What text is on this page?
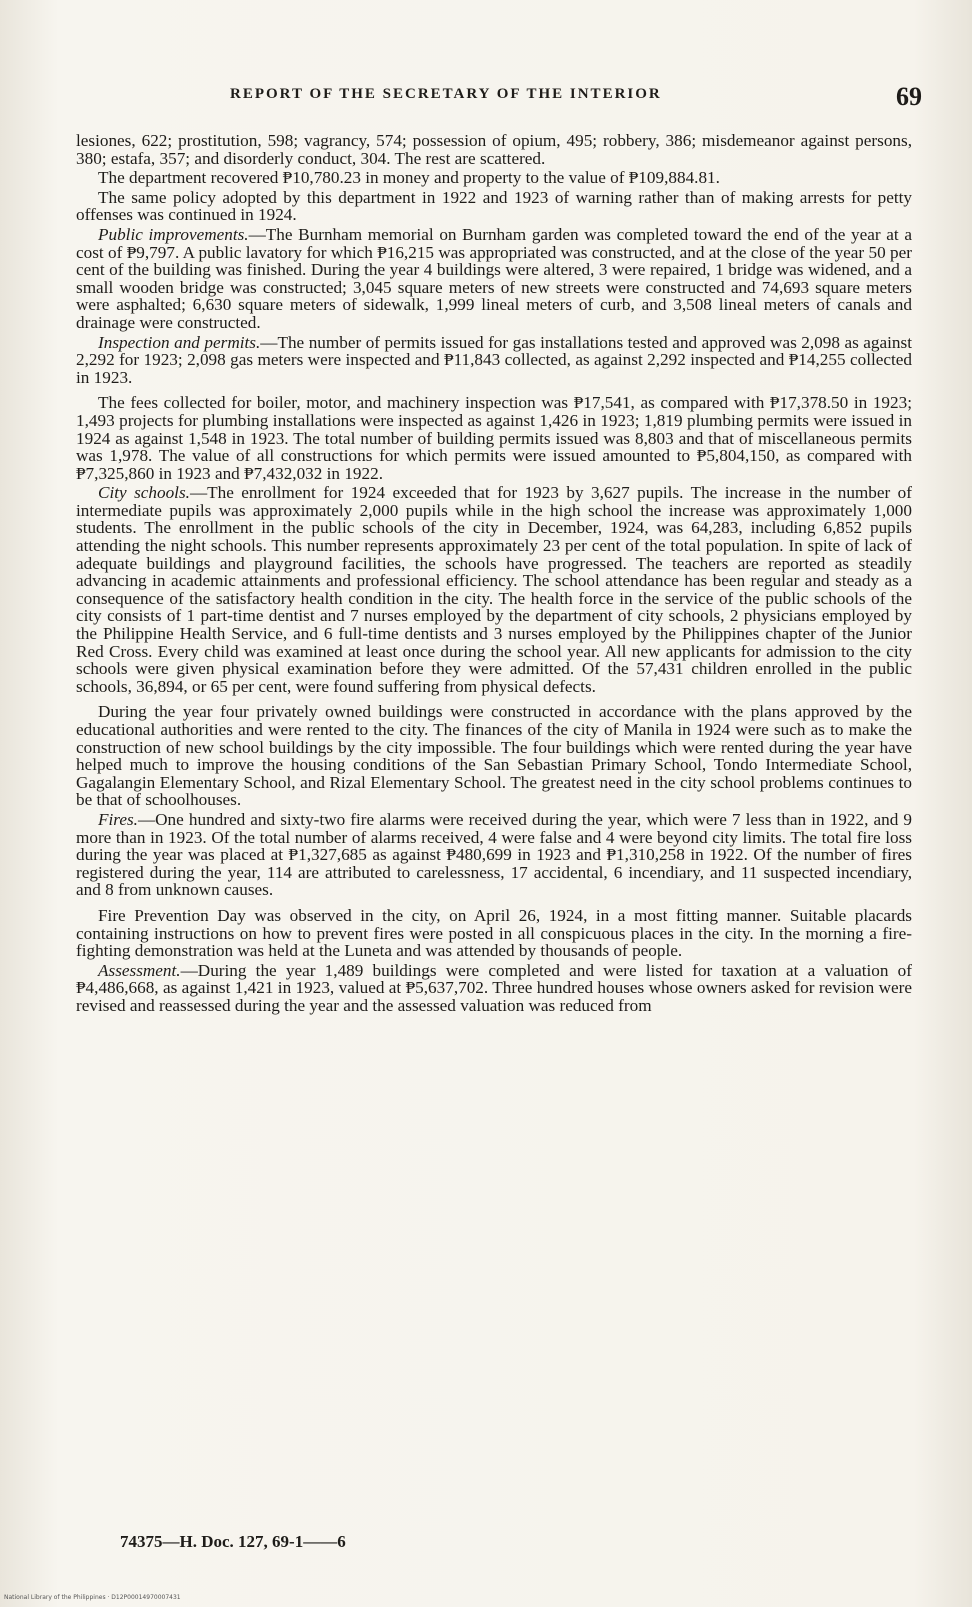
REPORT OF THE SECRETARY OF THE INTERIOR	69

lesiones, 622; prostitution, 598; vagrancy, 574; possession of opium, 495; robbery, 386; misdemeanor against persons, 380; estafa, 357; and disorderly conduct, 304. The rest are scattered.

The department recovered ₱10,780.23 in money and property to the value of ₱109,884.81.

The same policy adopted by this department in 1922 and 1923 of warning rather than of making arrests for petty offenses was continued in 1924.

Public improvements.—The Burnham memorial on Burnham garden was completed toward the end of the year at a cost of ₱9,797. A public lavatory for which ₱16,215 was appropriated was constructed, and at the close of the year 50 per cent of the building was finished. During the year 4 buildings were altered, 3 were repaired, 1 bridge was widened, and a small wooden bridge was constructed; 3,045 square meters of new streets were constructed and 74,693 square meters were asphalted; 6,630 square meters of sidewalk, 1,999 lineal meters of curb, and 3,508 lineal meters of canals and drainage were constructed.

Inspection and permits.—The number of permits issued for gas installations tested and approved was 2,098 as against 2,292 for 1923; 2,098 gas meters were inspected and ₱11,843 collected, as against 2,292 inspected and ₱14,255 collected in 1923.

The fees collected for boiler, motor, and machinery inspection was ₱17,541, as compared with ₱17,378.50 in 1923; 1,493 projects for plumbing installations were inspected as against 1,426 in 1923; 1,819 plumbing permits were issued in 1924 as against 1,548 in 1923. The total number of building permits issued was 8,803 and that of miscellaneous permits was 1,978. The value of all constructions for which permits were issued amounted to ₱5,804,150, as compared with ₱7,325,860 in 1923 and ₱7,432,032 in 1922.

City schools.—The enrollment for 1924 exceeded that for 1923 by 3,627 pupils. The increase in the number of intermediate pupils was approximately 2,000 pupils while in the high school the increase was approximately 1,000 students. The enrollment in the public schools of the city in December, 1924, was 64,283, including 6,852 pupils attending the night schools. This number represents approximately 23 per cent of the total population. In spite of lack of adequate buildings and playground facilities, the schools have progressed. The teachers are reported as steadily advancing in academic attainments and professional efficiency. The school attendance has been regular and steady as a consequence of the satisfactory health condition in the city. The health force in the service of the public schools of the city consists of 1 part-time dentist and 7 nurses employed by the department of city schools, 2 physicians employed by the Philippine Health Service, and 6 full-time dentists and 3 nurses employed by the Philippines chapter of the Junior Red Cross. Every child was examined at least once during the school year. All new applicants for admission to the city schools were given physical examination before they were admitted. Of the 57,431 children enrolled in the public schools, 36,894, or 65 per cent, were found suffering from physical defects.

During the year four privately owned buildings were constructed in accordance with the plans approved by the educational authorities and were rented to the city. The finances of the city of Manila in 1924 were such as to make the construction of new school buildings by the city impossible. The four buildings which were rented during the year have helped much to improve the housing conditions of the San Sebastian Primary School, Tondo Intermediate School, Gagalangin Elementary School, and Rizal Elementary School. The greatest need in the city school problems continues to be that of schoolhouses.

Fires.—One hundred and sixty-two fire alarms were received during the year, which were 7 less than in 1922, and 9 more than in 1923. Of the total number of alarms received, 4 were false and 4 were beyond city limits. The total fire loss during the year was placed at ₱1,327,685 as against ₱480,699 in 1923 and ₱1,310,258 in 1922. Of the number of fires registered during the year, 114 are attributed to carelessness, 17 accidental, 6 incendiary, and 11 suspected incendiary, and 8 from unknown causes.

Fire Prevention Day was observed in the city, on April 26, 1924, in a most fitting manner. Suitable placards containing instructions on how to prevent fires were posted in all conspicuous places in the city. In the morning a fire-fighting demonstration was held at the Luneta and was attended by thousands of people.

Assessment.—During the year 1,489 buildings were completed and were listed for taxation at a valuation of ₱4,486,668, as against 1,421 in 1923, valued at ₱5,637,702. Three hundred houses whose owners asked for revision were revised and reassessed during the year and the assessed valuation was reduced from

74375—H. Doc. 127, 69-1——6
National Library of the Philippines · D12P00014970007431
